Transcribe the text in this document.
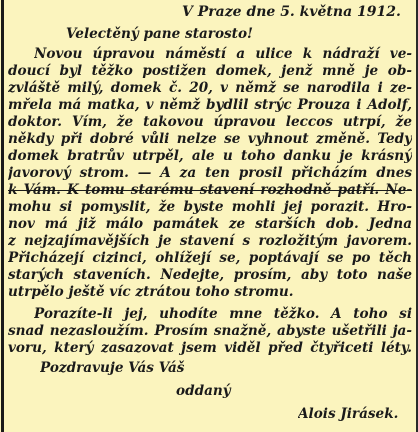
V Praze dne 5. května 1912.
Velectěný pane starosto!
Novou úpravou náměstí a ulice k nádraží ve-
doucí byl těžko postižen domek, jenž mně je ob-
zvláště milý, domek č. 20, v němž se narodila i ze-
mřela má matka, v němž bydlil strýc Prouza i Adolf,
doktor. Vím, že takovou úpravou leccos utrpí, že
někdy při dobré vůli nelze se vyhnout změně. Tedy
domek bratrův utrpěl, ale u toho danku je krásný
javorový strom. — A za ten prosil přicházím dnes
k Vám. K tomu starému stavení rozhodně patří. Ne-
mohu si pomyslit, že byste mohli jej porazit. Hro-
nov má již málo památek ze starších dob. Jedna
z nejzajímavějších je stavení s rozložitým javorem.
Přicházejí cizinci, ohlížejí se, poptávají se po těch
starých staveních. Nedejte, prosím, aby toto naše
utrpělo ještě víc ztrátou toho stromu.
Porazíte-li jej, uhodíte mne těžko. A toho si
snad nezasloužím. Prosím snažně, abyste ušetřili ja-
voru, který zasazovat jsem viděl před čtyřiceti léty.
Pozdravuje Vás Váš
oddaný
Alois Jirásek.
